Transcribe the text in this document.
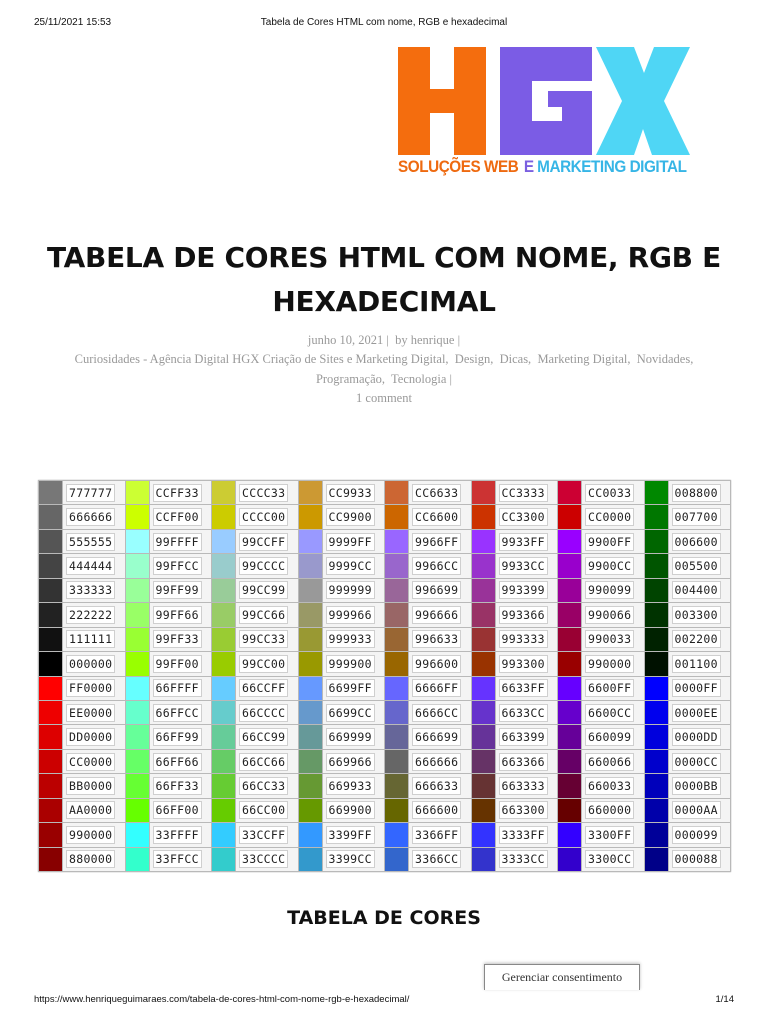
25/11/2021 15:53	Tabela de Cores HTML com nome, RGB e hexadecimal
SOLUÇÕES WEB E MARKETING DIGITAL
TABELA DE CORES HTML COM NOME, RGB E HEXADECIMAL
junho 10, 2021 |  by henrique |
Curiosidades - Agência Digital HGX Criação de Sites e Marketing Digital, Design, Dicas, Marketing Digital, Novidades,
Programação, Tecnologia |
1 comment
	777777		CCFF33		CCCC33		CC9933		CC6633		CC3333		CC0033		008800
	666666		CCFF00		CCCC00		CC9900		CC6600		CC3300		CC0000		007700
	555555		99FFFF		99CCFF		9999FF		9966FF		9933FF		9900FF		006600
	444444		99FFCC		99CCCC		9999CC		9966CC		9933CC		9900CC		005500
	333333		99FF99		99CC99		999999		996699		993399		990099		004400
	222222		99FF66		99CC66		999966		996666		993366		990066		003300
	111111		99FF33		99CC33		999933		996633		993333		990033		002200
	000000		99FF00		99CC00		999900		996600		993300		990000		001100
	FF0000		66FFFF		66CCFF		6699FF		6666FF		6633FF		6600FF		0000FF
	EE0000		66FFCC		66CCCC		6699CC		6666CC		6633CC		6600CC		0000EE
	DD0000		66FF99		66CC99		669999		666699		663399		660099		0000DD
	CC0000		66FF66		66CC66		669966		666666		663366		660066		0000CC
	BB0000		66FF33		66CC33		669933		666633		663333		660033		0000BB
	AA0000		66FF00		66CC00		669900		666600		663300		660000		0000AA
	990000		33FFFF		33CCFF		3399FF		3366FF		3333FF		3300FF		000099
	880000		33FFCC		33CCCC		3399CC		3366CC		3333CC		3300CC		000088
TABELA DE CORES
Gerenciar consentimento
https://www.henriqueguimaraes.com/tabela-de-cores-html-com-nome-rgb-e-hexadecimal/	1/14
